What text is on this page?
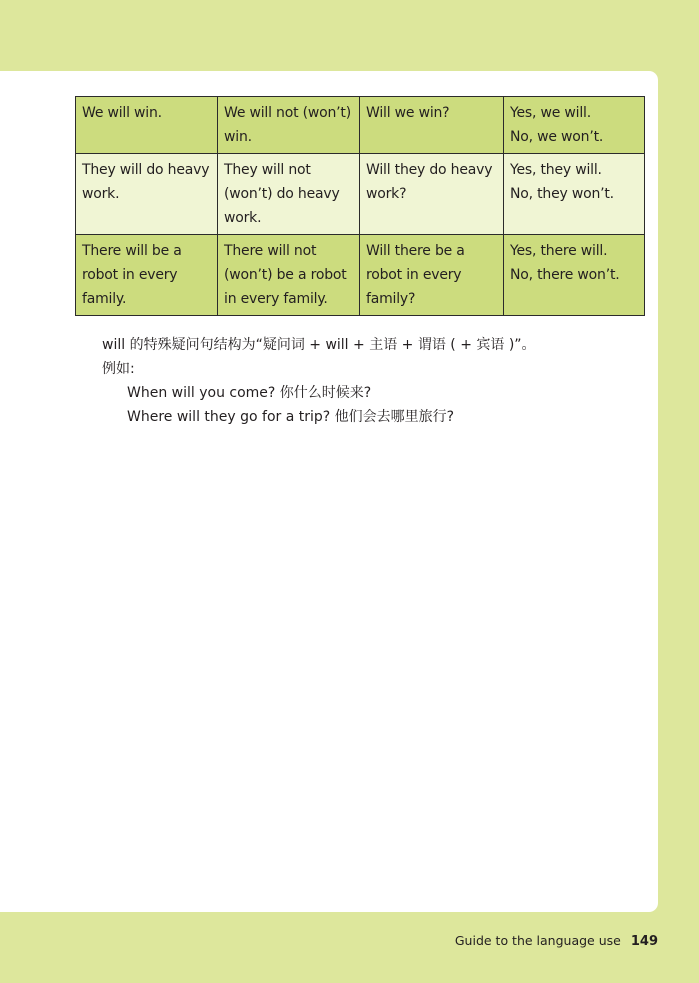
We will win.	We will not (won’t)
win.	Will we win?	Yes, we will.
No, we won’t.

They will do heavy
work.	They will not
(won’t) do heavy
work.	Will they do heavy
work?	Yes, they will.
No, they won’t.

There will be a
robot in every
family.	There will not
(won’t) be a robot
in every family.	Will there be a
robot in every
family?	Yes, there will.
No, there won’t.
will 的特殊疑问句结构为“疑问词 + will + 主语 + 谓语 ( + 宾语 )”。
例如:
When will you come? 你什么时候来?
Where will they go for a trip? 他们会去哪里旅行?
Guide to the language use 149
